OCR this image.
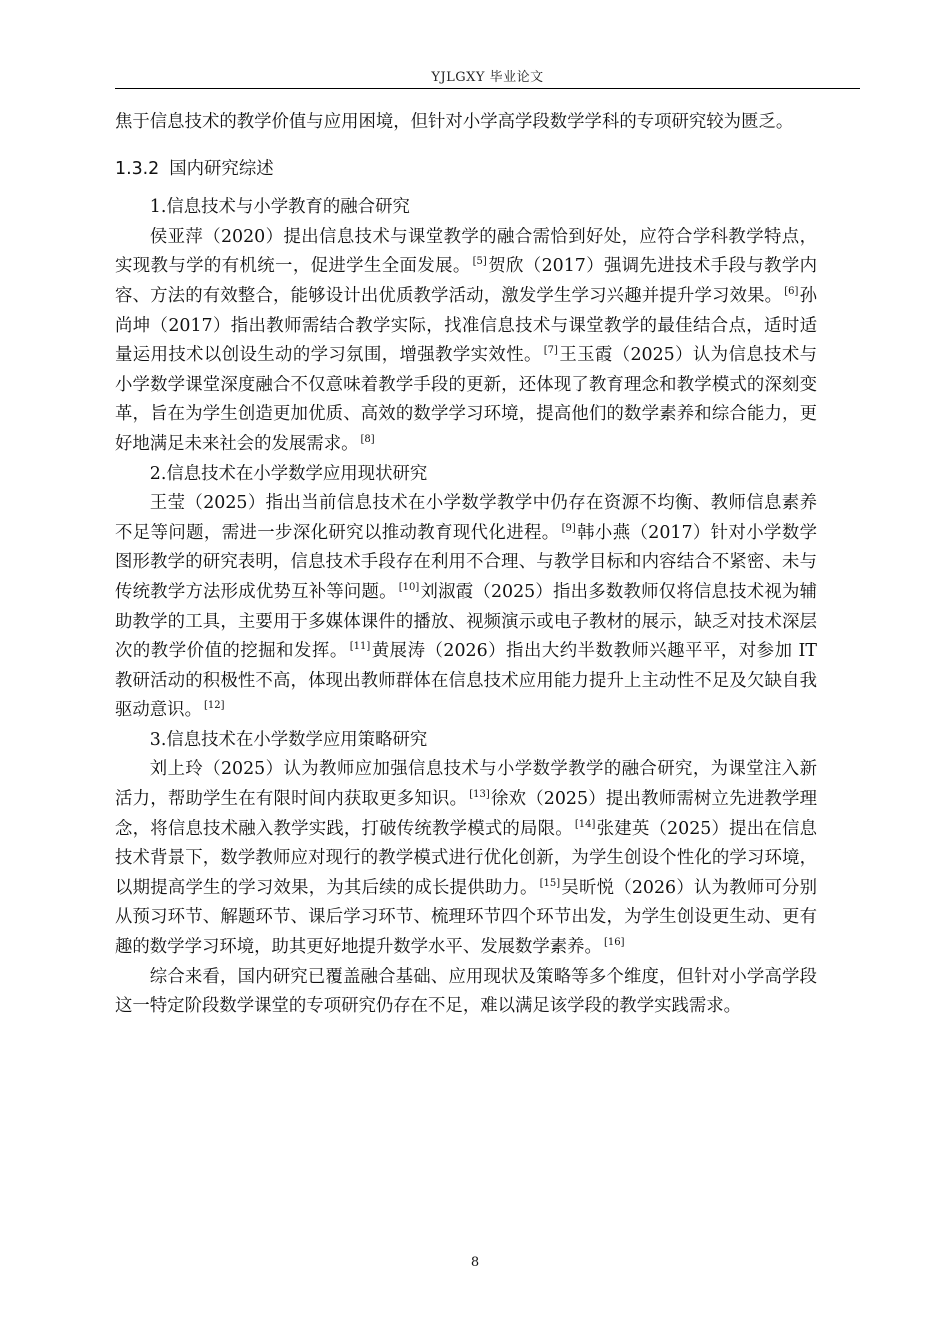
YJLGXY 毕业论文

焦于信息技术的教学价值与应用困境，但针对小学高学段数学学科的专项研究较为匮乏。

1.3.2 国内研究综述

1.信息技术与小学教育的融合研究

侯亚萍（2020）提出信息技术与课堂教学的融合需恰到好处，应符合学科教学特点，实现教与学的有机统一，促进学生全面发展。 [5]贺欣（2017）强调先进技术手段与教学内容、方法的有效整合，能够设计出优质教学活动，激发学生学习兴趣并提升学习效果。 [6]孙尚坤（2017）指出教师需结合教学实际，找准信息技术与课堂教学的最佳结合点，适时适量运用技术以创设生动的学习氛围，增强教学实效性。 [7]王玉霞（2025）认为信息技术与小学数学课堂深度融合不仅意味着教学手段的更新，还体现了教育理念和教学模式的深刻变革，旨在为学生创造更加优质、高效的数学学习环境，提高他们的数学素养和综合能力，更好地满足未来社会的发展需求。 [8]

2.信息技术在小学数学应用现状研究

王莹（2025）指出当前信息技术在小学数学教学中仍存在资源不均衡、教师信息素养不足等问题，需进一步深化研究以推动教育现代化进程。 [9]韩小燕（2017）针对小学数学图形教学的研究表明，信息技术手段存在利用不合理、与教学目标和内容结合不紧密、未与传统教学方法形成优势互补等问题。 [10]刘淑霞（2025）指出多数教师仅将信息技术视为辅助教学的工具，主要用于多媒体课件的播放、视频演示或电子教材的展示，缺乏对技术深层次的教学价值的挖掘和发挥。 [11]黄展涛（2026）指出大约半数教师兴趣平平，对参加 IT 教研活动的积极性不高，体现出教师群体在信息技术应用能力提升上主动性不足及欠缺自我驱动意识。 [12]

3.信息技术在小学数学应用策略研究

刘上玲（2025）认为教师应加强信息技术与小学数学教学的融合研究，为课堂注入新活力，帮助学生在有限时间内获取更多知识。 [13]徐欢（2025）提出教师需树立先进教学理念，将信息技术融入教学实践，打破传统教学模式的局限。 [14]张建英（2025）提出在信息技术背景下，数学教师应对现行的教学模式进行优化创新，为学生创设个性化的学习环境，以期提高学生的学习效果，为其后续的成长提供助力。 [15]吴昕悦（2026）认为教师可分别从预习环节、解题环节、课后学习环节、梳理环节四个环节出发，为学生创设更生动、更有趣的数学学习环境，助其更好地提升数学水平、发展数学素养。 [16]

综合来看，国内研究已覆盖融合基础、应用现状及策略等多个维度，但针对小学高学段这一特定阶段数学课堂的专项研究仍存在不足，难以满足该学段的教学实践需求。

8
